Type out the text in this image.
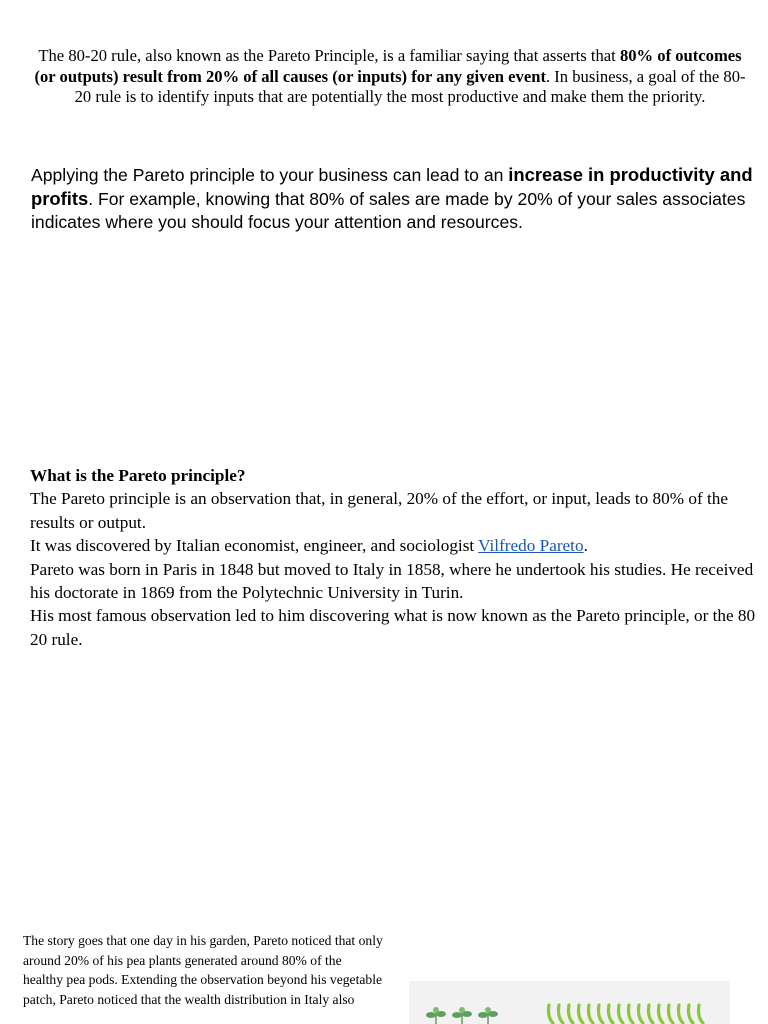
The 80-20 rule, also known as the Pareto Principle, is a familiar saying that asserts that 80% of outcomes (or outputs) result from 20% of all causes (or inputs) for any given event. In business, a goal of the 80-20 rule is to identify inputs that are potentially the most productive and make them the priority.
Applying the Pareto principle to your business can lead to an increase in productivity and profits. For example, knowing that 80% of sales are made by 20% of your sales associates indicates where you should focus your attention and resources.

What is the Pareto principle?

The Pareto principle is an observation that, in general, 20% of the effort, or input, leads to 80% of the results or output.

It was discovered by Italian economist, engineer, and sociologist Vilfredo Pareto.

Pareto was born in Paris in 1848 but moved to Italy in 1858, where he undertook his studies. He received his doctorate in 1869 from the Polytechnic University in Turin.

His most famous observation led to him discovering what is now known as the Pareto principle, or the 80 20 rule.

The story goes that one day in his garden, Pareto noticed that only around 20% of his pea plants generated around 80% of the healthy pea pods. Extending the observation beyond his vegetable patch, Pareto noticed that the wealth distribution in Italy also
